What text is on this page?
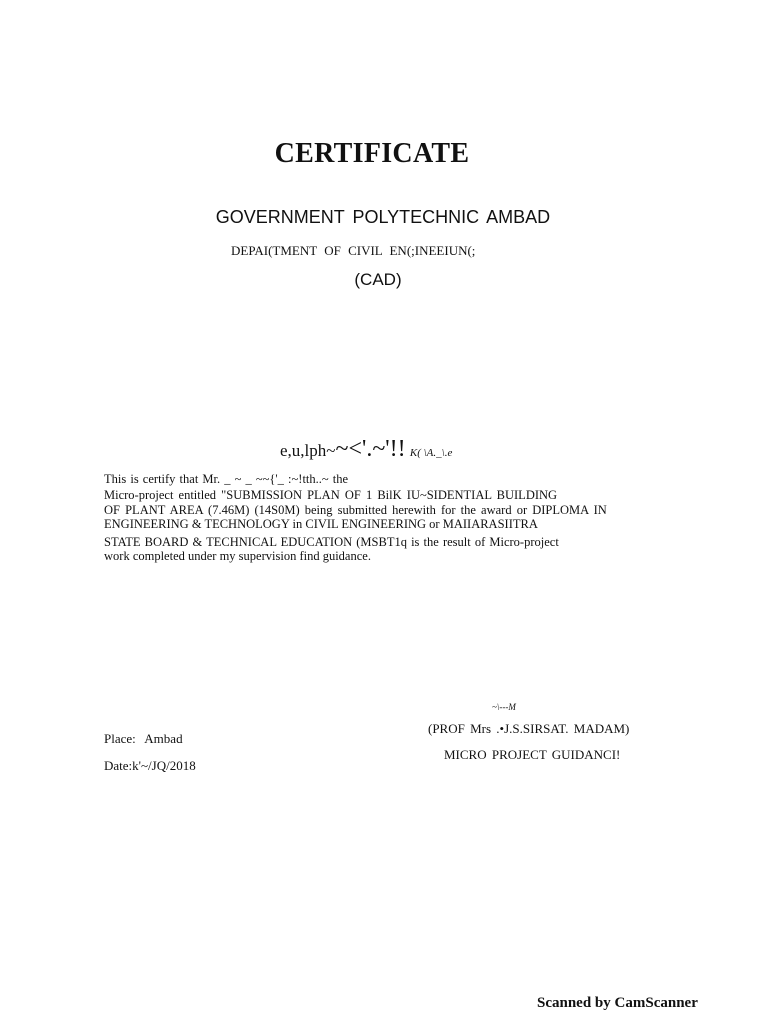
CERTIFICATE
GOVERNMENT POLYTECHNIC AMBAD
DEPAI(TMENT OF CIVIL EN(;INEEIUN(;
(CAD)
e,u,lph~~<'.~'!! K( \A._\.e
This is certify that Mr. _ ~ _ ~~{'_ :~!tth..~ the
Micro-project entitled "SUBMISSION PLAN OF 1 BilK IU~SIDENTIAL BUILDING
OF PLANT AREA (7.46M) (14S0M) being submitted herewith for the award or DIPLOMA IN
ENGINEERING & TECHNOLOGY in CIVIL ENGINEERING or MAIIARASIITRA
STATE BOARD & TECHNICAL EDUCATION (MSBT1q is the result of Micro-project
work completed under my supervision find guidance.
Place: Ambad
Date:k'~/JQ/2018
~\---M
(PROF Mrs .•J.S.SIRSAT. MADAM)
MICRO PROJECT GUIDANCI!
Scanned by CamScanner
